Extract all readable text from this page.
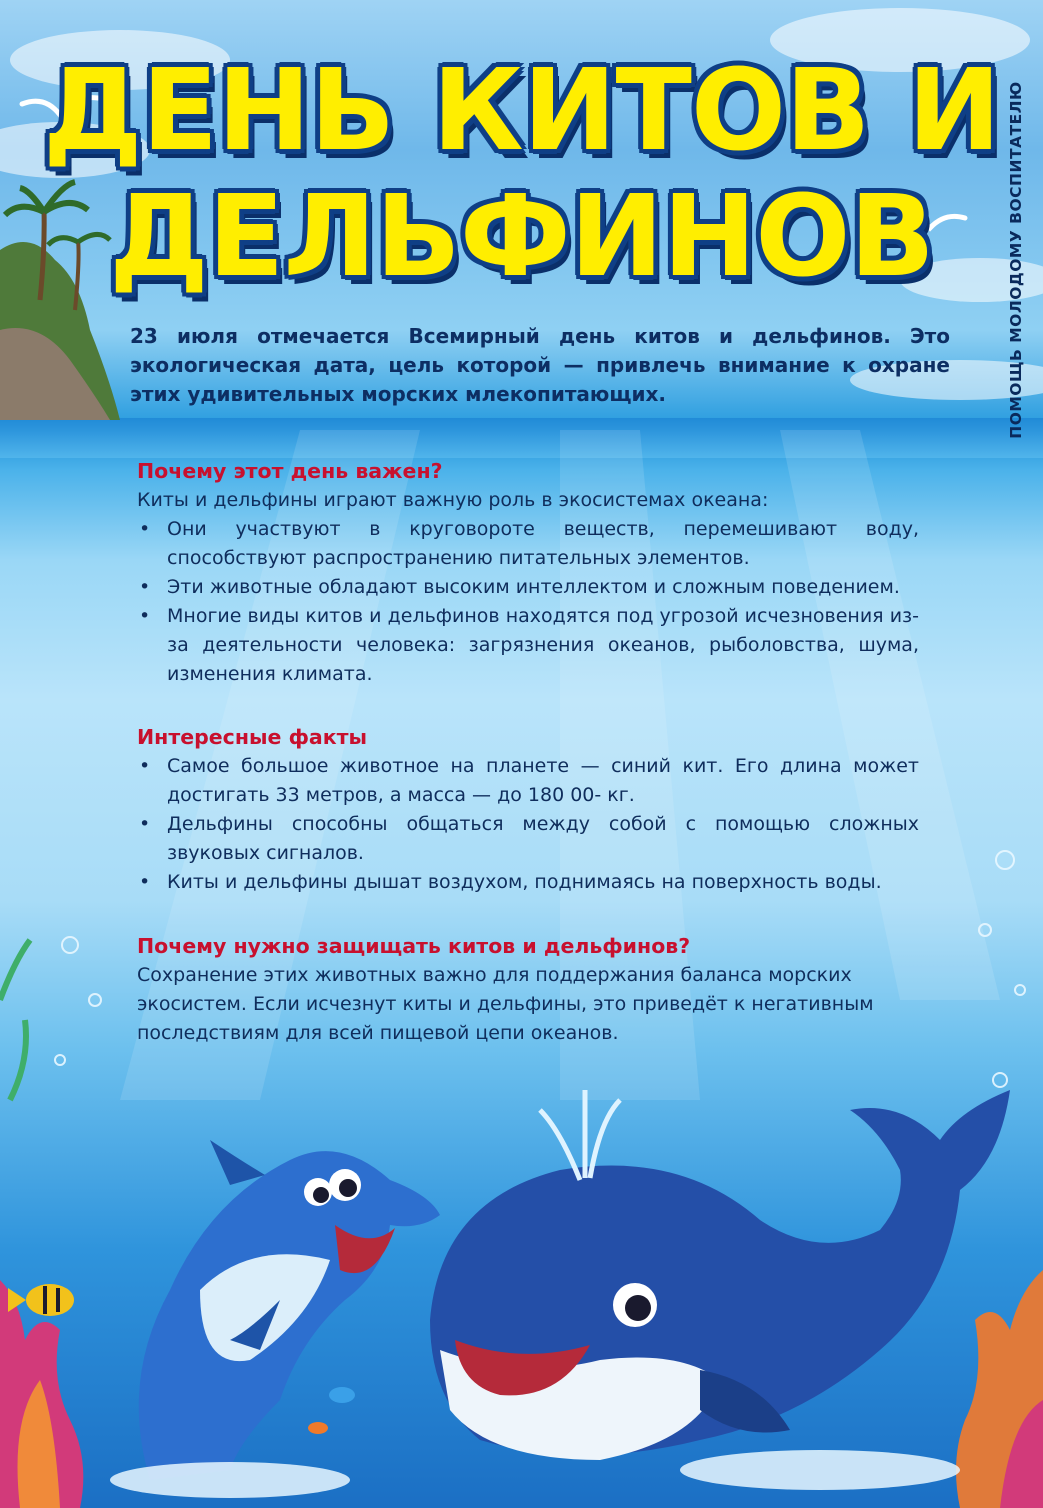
ДЕНЬ КИТОВ И
ДЕЛЬФИНОВ	ПОМОЩЬ МОЛОДОМУ ВОСПИТАТЕЛЮ
23 июля отмечается Всемирный день китов и дельфинов. Это экологическая дата, цель которой — привлечь внимание к охране этих удивительных морских млекопитающих.
Почему этот день важен?

Киты и дельфины играют важную роль в экосистемах океана:

• Они участвуют в круговороте веществ, перемешивают воду, способствуют распространению питательных элементов.
• Эти животные обладают высоким интеллектом и сложным поведением.
• Многие виды китов и дельфинов находятся под угрозой исчезновения из-за деятельности человека: загрязнения океанов, рыболовства, шума, изменения климата.
Интересные факты
• Самое большое животное на планете — синий кит. Его длина может достигать 33 метров, а масса — до 180 00- кг.
• Дельфины способны общаться между собой с помощью сложных звуковых сигналов.
• Киты и дельфины дышат воздухом, поднимаясь на поверхность воды.
Почему нужно защищать китов и дельфинов?

Сохранение этих животных важно для поддержания баланса морских экосистем. Если исчезнут киты и дельфины, это приведёт к негативным последствиям для всей пищевой цепи океанов.
